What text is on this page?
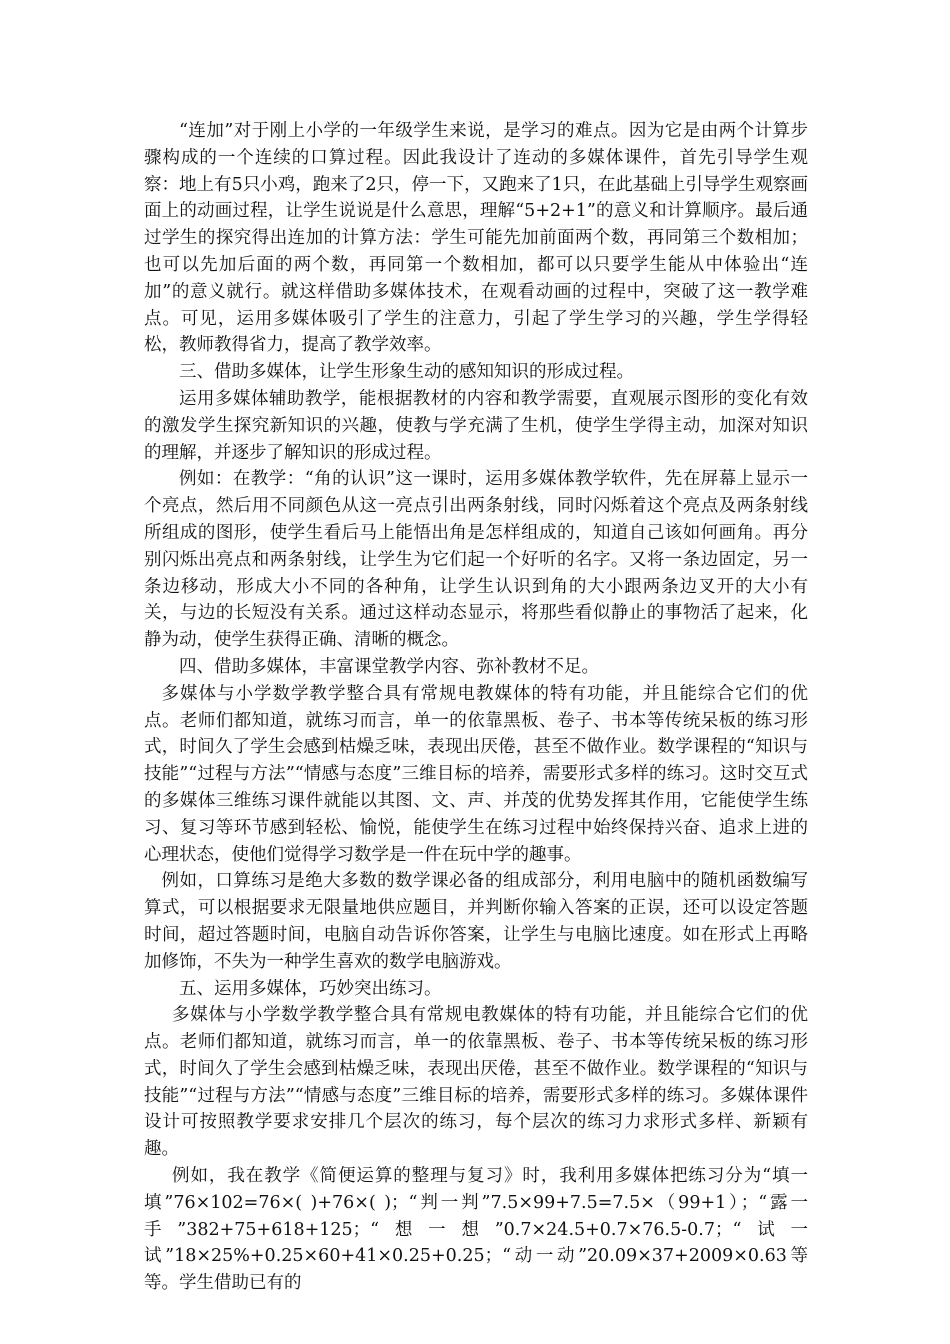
“连加”对于刚上小学的一年级学生来说，是学习的难点。因为它是由两个计算步骤构成的一个连续的口算过程。因此我设计了连动的多媒体课件，首先引导学生观察：地上有5只小鸡，跑来了2只，停一下，又跑来了1只，在此基础上引导学生观察画面上的动画过程，让学生说说是什么意思，理解“5+2+1”的意义和计算顺序。最后通过学生的探究得出连加的计算方法：学生可能先加前面两个数，再同第三个数相加；也可以先加后面的两个数，再同第一个数相加，都可以只要学生能从中体验出“连加”的意义就行。就这样借助多媒体技术，在观看动画的过程中，突破了这一教学难点。可见，运用多媒体吸引了学生的注意力，引起了学生学习的兴趣，学生学得轻松，教师教得省力，提高了教学效率。

三、借助多媒体，让学生形象生动的感知知识的形成过程。

运用多媒体辅助教学，能根据教材的内容和教学需要，直观展示图形的变化有效的激发学生探究新知识的兴趣，使教与学充满了生机，使学生学得主动，加深对知识的理解，并逐步了解知识的形成过程。

例如：在教学：“角的认识”这一课时，运用多媒体教学软件，先在屏幕上显示一个亮点，然后用不同颜色从这一亮点引出两条射线，同时闪烁着这个亮点及两条射线所组成的图形，使学生看后马上能悟出角是怎样组成的，知道自己该如何画角。再分别闪烁出亮点和两条射线，让学生为它们起一个好听的名字。又将一条边固定，另一条边移动，形成大小不同的各种角，让学生认识到角的大小跟两条边叉开的大小有关，与边的长短没有关系。通过这样动态显示，将那些看似静止的事物活了起来，化静为动，使学生获得正确、清晰的概念。

四、借助多媒体，丰富课堂教学内容、弥补教材不足。

多媒体与小学数学教学整合具有常规电教媒体的特有功能，并且能综合它们的优点。老师们都知道，就练习而言，单一的依靠黑板、卷子、书本等传统呆板的练习形式，时间久了学生会感到枯燥乏味，表现出厌倦，甚至不做作业。数学课程的“知识与技能”“过程与方法”“情感与态度”三维目标的培养，需要形式多样的练习。这时交互式的多媒体三维练习课件就能以其图、文、声、并茂的优势发挥其作用，它能使学生练习、复习等环节感到轻松、愉悦，能使学生在练习过程中始终保持兴奋、追求上进的心理状态，使他们觉得学习数学是一件在玩中学的趣事。

例如，口算练习是绝大多数的数学课必备的组成部分，利用电脑中的随机函数编写算式，可以根据要求无限量地供应题目，并判断你输入答案的正误，还可以设定答题时间，超过答题时间，电脑自动告诉你答案，让学生与电脑比速度。如在形式上再略加修饰，不失为一种学生喜欢的数学电脑游戏。

五、运用多媒体，巧妙突出练习。

多媒体与小学数学教学整合具有常规电教媒体的特有功能，并且能综合它们的优点。老师们都知道，就练习而言，单一的依靠黑板、卷子、书本等传统呆板的练习形式，时间久了学生会感到枯燥乏味，表现出厌倦，甚至不做作业。数学课程的“知识与技能”“过程与方法”“情感与态度”三维目标的培养，需要形式多样的练习。多媒体课件设计可按照教学要求安排几个层次的练习，每个层次的练习力求形式多样、新颖有趣。

例如，我在教学《简便运算的整理与复习》时，我利用多媒体把练习分为“填一填”76×102=76×( )+76×( )；“判一判”7.5×99+7.5=7.5×（99+1）；“露一手”382+75+618+125；“想一想”0.7×24.5+0.7×76.5-0.7；“试一试”18×25%+0.25×60+41×0.25+0.25；“动一动”20.09×37+2009×0.63等等。学生借助已有的
